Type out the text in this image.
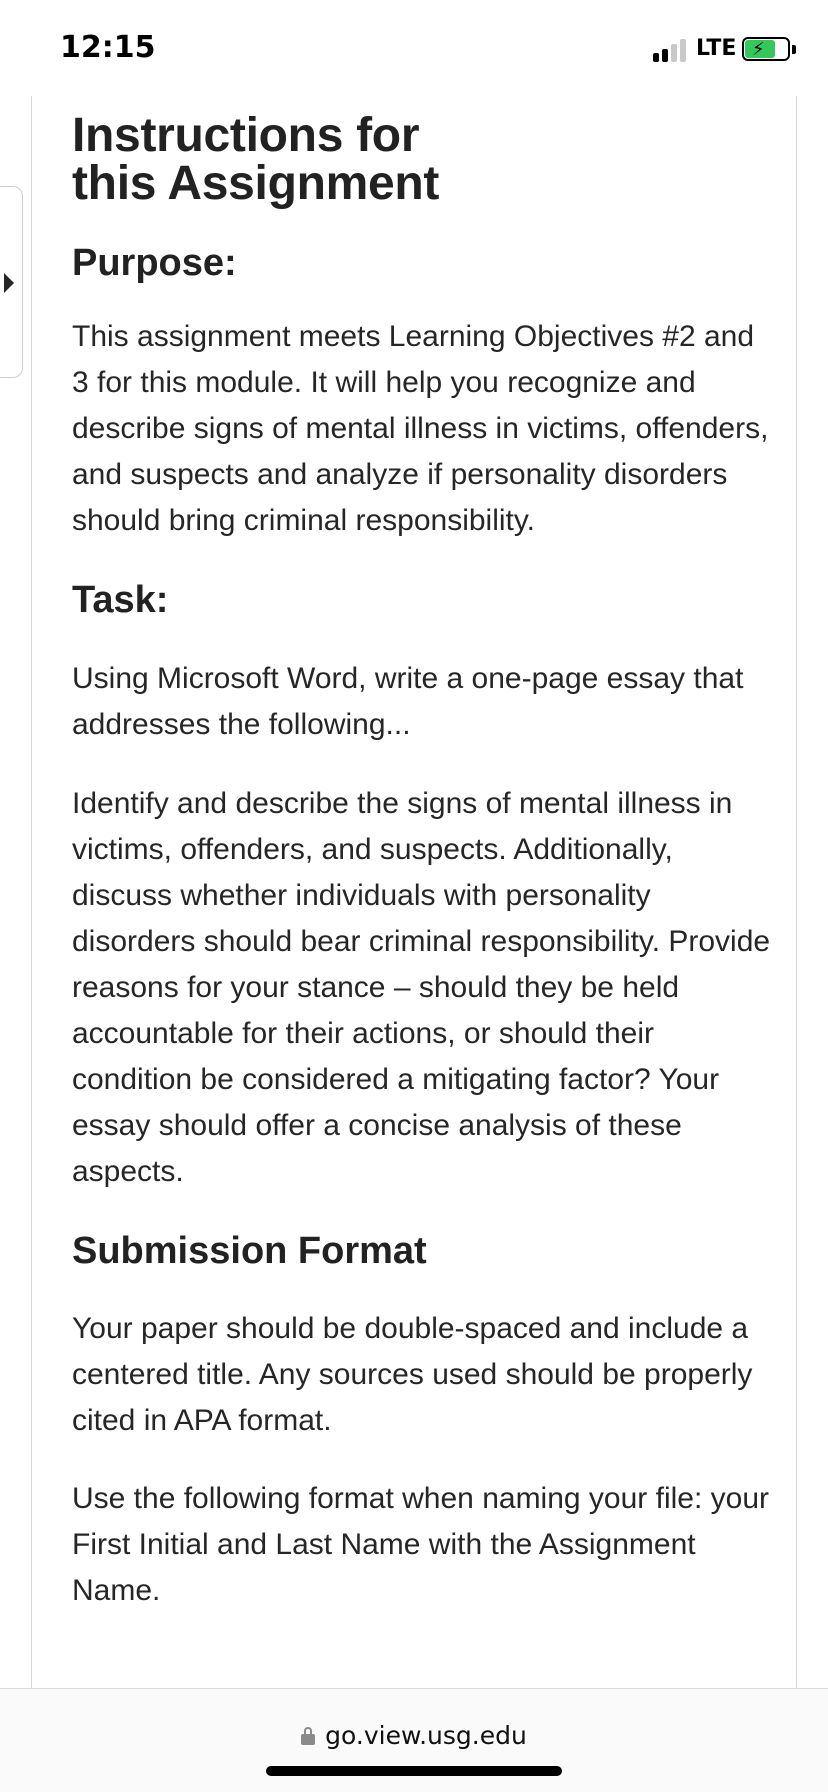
12:15	LTE ⚡
Instructions for
this Assignment
Purpose:

This assignment meets Learning Objectives #2 and 3 for this module. It will help you recognize and describe signs of mental illness in victims, offenders, and suspects and analyze if personality disorders should bring criminal responsibility.

Task:

Using Microsoft Word, write a one-page essay that addresses the following...

Identify and describe the signs of mental illness in victims, offenders, and suspects. Additionally, discuss whether individuals with personality disorders should bear criminal responsibility. Provide reasons for your stance – should they be held accountable for their actions, or should their condition be considered a mitigating factor? Your essay should offer a concise analysis of these aspects.

Submission Format

Your paper should be double-spaced and include a centered title. Any sources used should be properly cited in APA format.

Use the following format when naming your file: your First Initial and Last Name with the Assignment Name.

go.view.usg.edu
